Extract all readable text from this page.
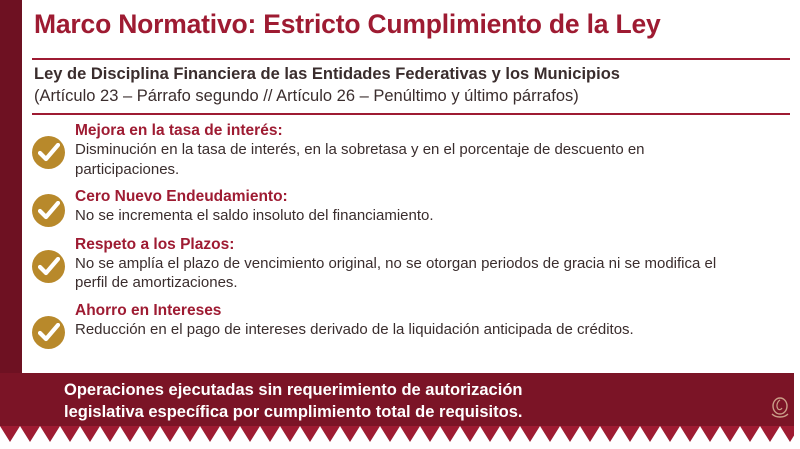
Marco Normativo: Estricto Cumplimiento de la Ley
Ley de Disciplina Financiera de las Entidades Federativas y los Municipios
(Artículo 23 – Párrafo segundo // Artículo 26 – Penúltimo y último párrafos)
Mejora en la tasa de interés:
Disminución en la tasa de interés, en la sobretasa y en el porcentaje de descuento en participaciones.
Cero Nuevo Endeudamiento:
No se incrementa el saldo insoluto del financiamiento.
Respeto a los Plazos:
No se amplía el plazo de vencimiento original, no se otorgan periodos de gracia ni se modifica el perfil de amortizaciones.
Ahorro en Intereses
Reducción en el pago de intereses derivado de la liquidación anticipada de créditos.
Operaciones ejecutadas sin requerimiento de autorización
legislativa específica por cumplimiento total de requisitos.
